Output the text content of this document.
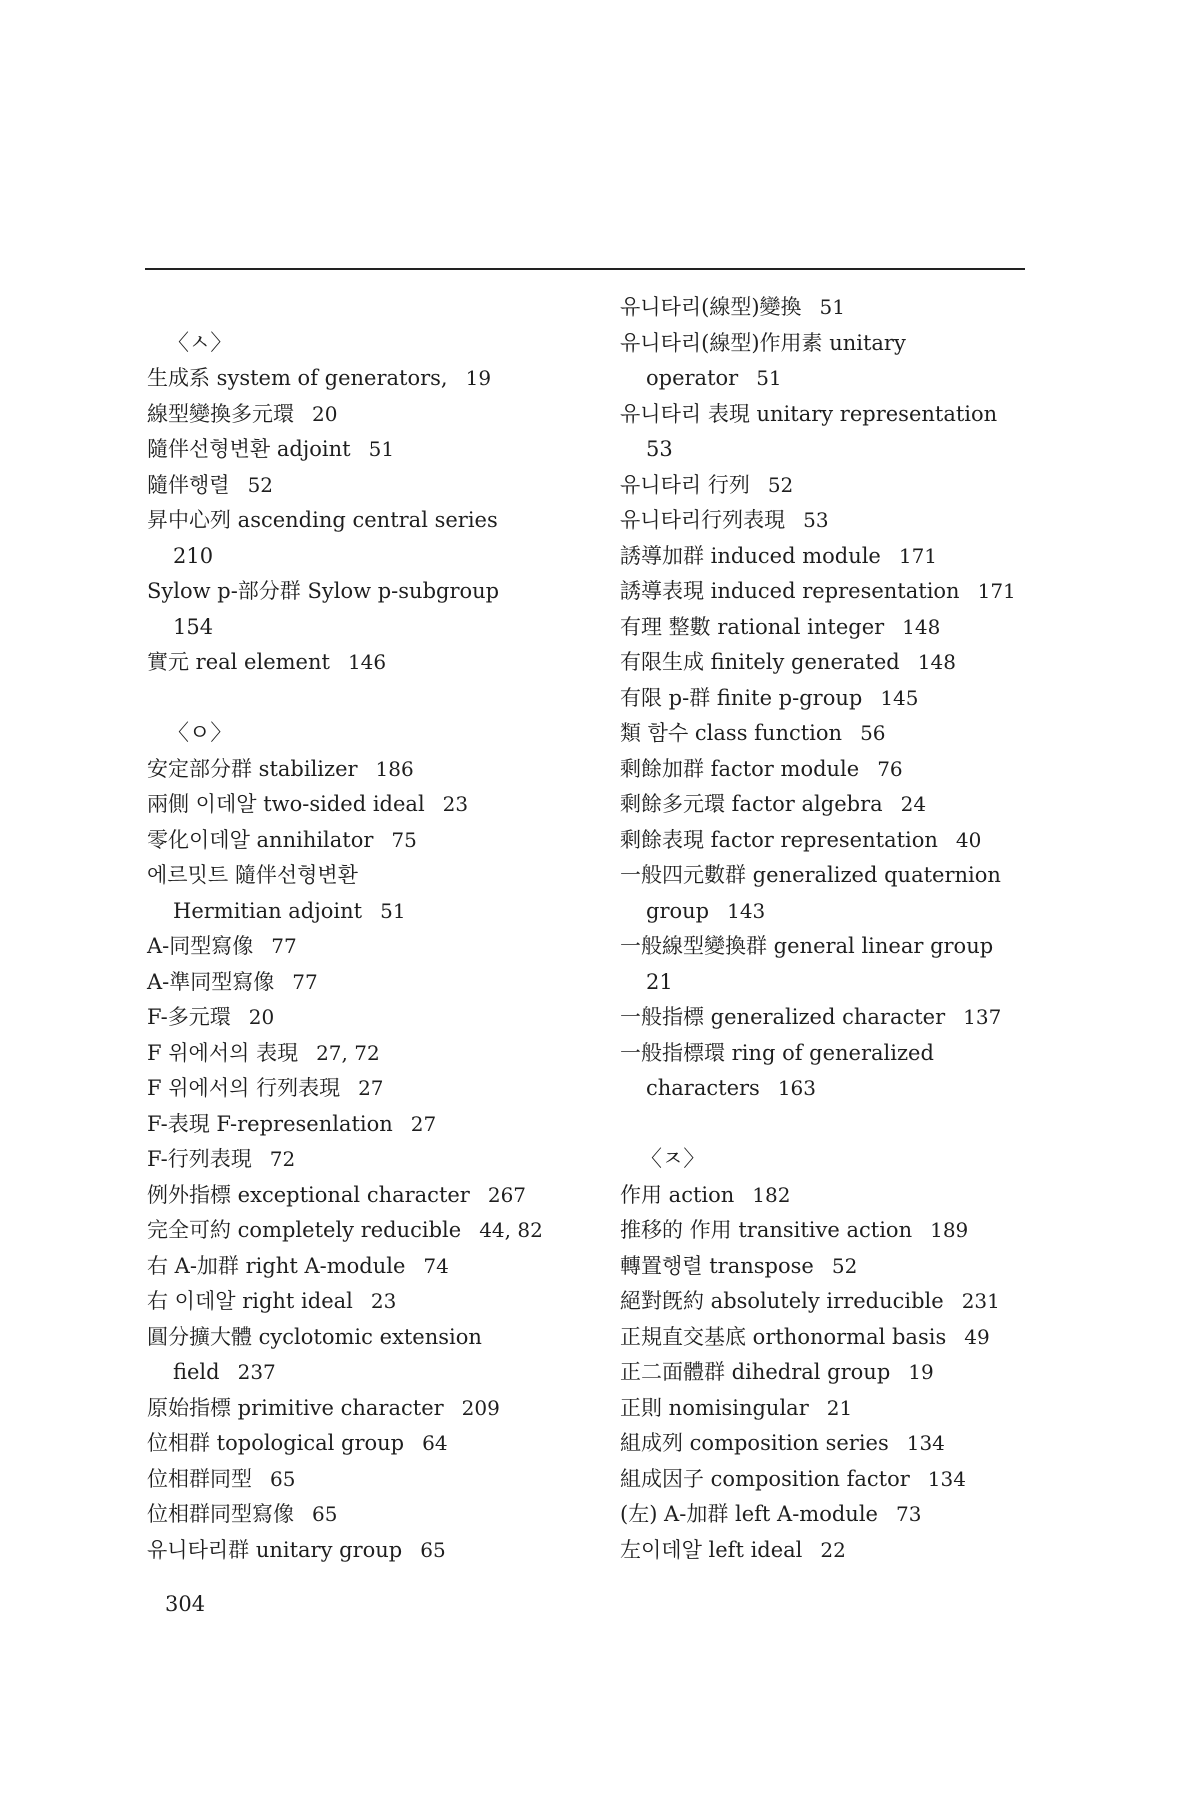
〈ㅅ〉
生成系 system of generators, 19
線型變換多元環 20
隨伴선형변환 adjoint 51
隨伴행렬 52
昇中心列 ascending central series
210
Sylow p-部分群 Sylow p-subgroup
154
實元 real element 146
〈ㅇ〉
安定部分群 stabilizer 186
兩側 이데알 two-sided ideal 23
零化이데알 annihilator 75
에르밋트 隨伴선형변환
Hermitian adjoint 51
A-同型寫像 77
A-準同型寫像 77
F-多元環 20
F 위에서의 表現 27, 72
F 위에서의 行列表現 27
F-表現 F-represenlation 27
F-行列表現 72
例外指標 exceptional character 267
完全可約 completely reducible 44, 82
右 A-加群 right A-module 74
右 이데알 right ideal 23
圓分擴大體 cyclotomic extension
field 237
原始指標 primitive character 209
位相群 topological group 64
位相群同型 65
位相群同型寫像 65
유니타리群 unitary group 65
유니타리(線型)變換 51
유니타리(線型)作用素 unitary
operator 51
유니타리 表現 unitary representation
53
유니타리 行列 52
유니타리行列表現 53
誘導加群 induced module 171
誘導表現 induced representation 171
有理 整數 rational integer 148
有限生成 finitely generated 148
有限 p-群 finite p-group 145
類 함수 class function 56
剩餘加群 factor module 76
剩餘多元環 factor algebra 24
剩餘表現 factor representation 40
一般四元數群 generalized quaternion
group 143
一般線型變換群 general linear group
21
一般指標 generalized character 137
一般指標環 ring of generalized
characters 163
〈ㅈ〉
作用 action 182
推移的 作用 transitive action 189
轉置행렬 transpose 52
絕對旣約 absolutely irreducible 231
正規直交基底 orthonormal basis 49
正二面體群 dihedral group 19
正則 nomisingular 21
組成列 composition series 134
組成因子 composition factor 134
(左) A-加群 left A-module 73
左이데알 left ideal 22
304
